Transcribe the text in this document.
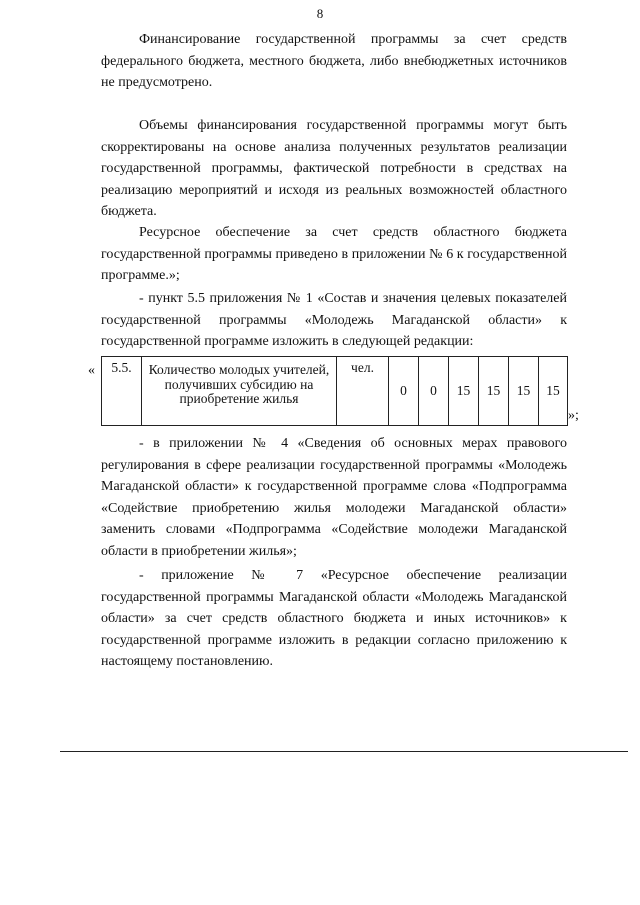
8

Финансирование государственной программы за счет средств федерального бюджета, местного бюджета, либо внебюджетных источников не предусмотрено.

Объемы финансирования государственной программы могут быть скорректированы на основе анализа полученных результатов реализации государственной программы, фактической потребности в средствах на реализацию мероприятий и исходя из реальных возможностей областного бюджета.

Ресурсное обеспечение за счет средств областного бюджета государственной программы приведено в приложении № 6 к государственной программе.»;

- пункт 5.5 приложения № 1 «Состав и значения целевых показателей государственной программы «Молодежь Магаданской области» к государственной программе изложить в следующей редакции:

« 5.5.	Количество молодых учителей, получивших субсидию на приобретение жилья	чел.	0	0	15	15	15	15
»;

- в приложении № 4 «Сведения об основных мерах правового регулирования в сфере реализации государственной программы «Молодежь Магаданской области» к государственной программе слова «Подпрограмма «Содействие приобретению жилья молодежи Магаданской области» заменить словами «Подпрограмма «Содействие молодежи Магаданской области в приобретении жилья»;

- приложение № 7 «Ресурсное обеспечение реализации государственной программы Магаданской области «Молодежь Магаданской области» за счет средств областного бюджета и иных источников» к государственной программе изложить в редакции согласно приложению к настоящему постановлению.
